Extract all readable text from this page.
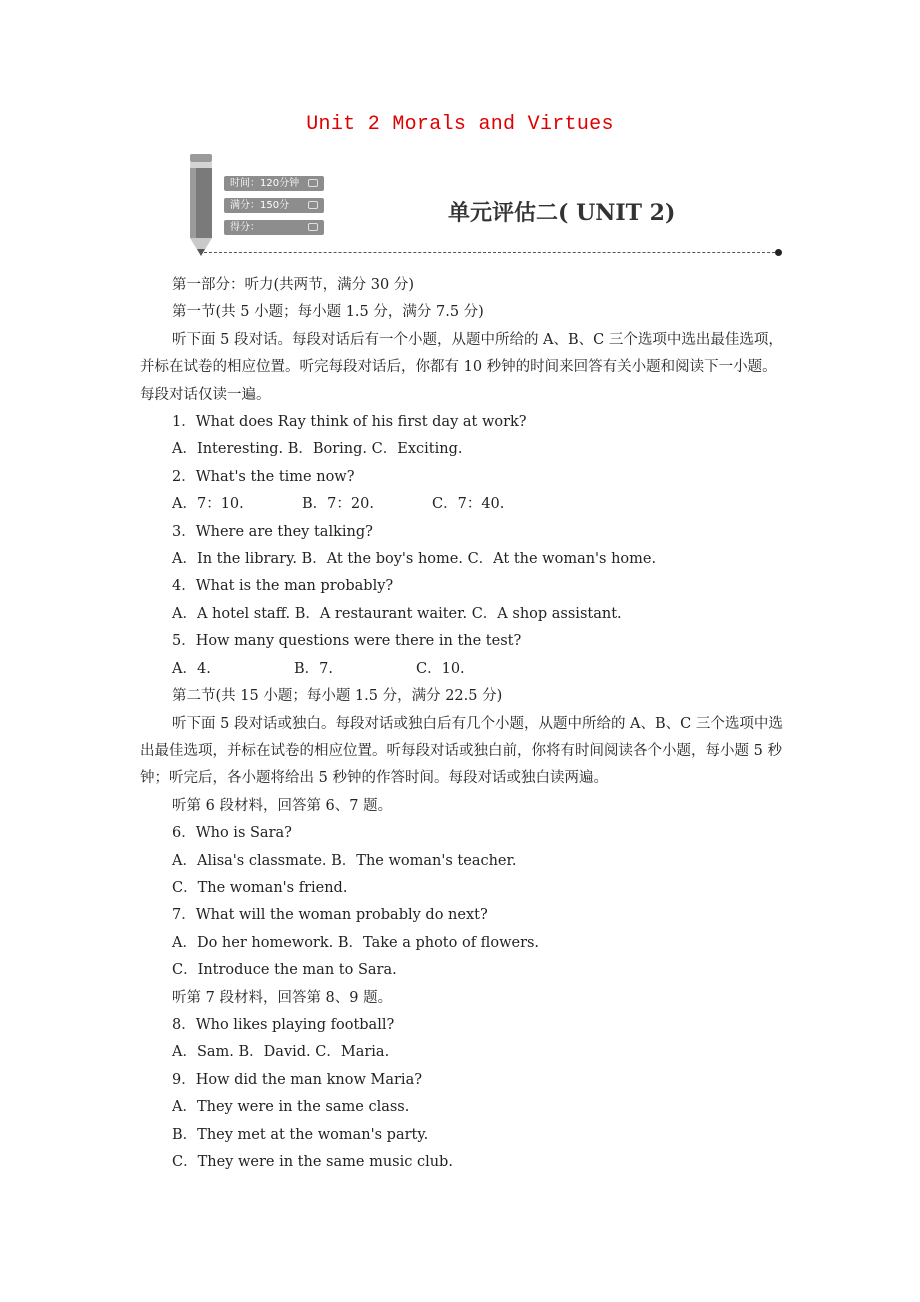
Unit 2 Morals and Virtues
时间：120分钟
满分：150分
得分：
单元评估二( UNIT 2)

第一部分：听力(共两节，满分 30 分)

第一节(共 5 小题；每小题 1.5 分，满分 7.5 分)

听下面 5 段对话。每段对话后有一个小题，从题中所给的 A、B、C 三个选项中选出最佳选项，并标在试卷的相应位置。听完每段对话后，你都有 10 秒钟的时间来回答有关小题和阅读下一小题。每段对话仅读一遍。

1．What does Ray think of his first day at work?

A．Interesting. B．Boring. C．Exciting.

2．What's the time now?

A．7：10.	B．7：20.	C．7：40.

3．Where are they talking?

A．In the library. B．At the boy's home. C．At the woman's home.

4．What is the man probably?

A．A hotel staff. B．A restaurant waiter. C．A shop assistant.

5．How many questions were there in the test?

A．4.	B．7.	C．10.

第二节(共 15 小题；每小题 1.5 分，满分 22.5 分)

听下面 5 段对话或独白。每段对话或独白后有几个小题，从题中所给的 A、B、C 三个选项中选出最佳选项，并标在试卷的相应位置。听每段对话或独白前，你将有时间阅读各个小题，每小题 5 秒钟；听完后，各小题将给出 5 秒钟的作答时间。每段对话或独白读两遍。

听第 6 段材料，回答第 6、7 题。

6．Who is Sara?

A．Alisa's classmate. B．The woman's teacher.

C．The woman's friend.

7．What will the woman probably do next?

A．Do her homework. B．Take a photo of flowers.

C．Introduce the man to Sara.

听第 7 段材料，回答第 8、9 题。

8．Who likes playing football?

A．Sam. B．David. C．Maria.

9．How did the man know Maria?

A．They were in the same class.

B．They met at the woman's party.

C．They were in the same music club.
